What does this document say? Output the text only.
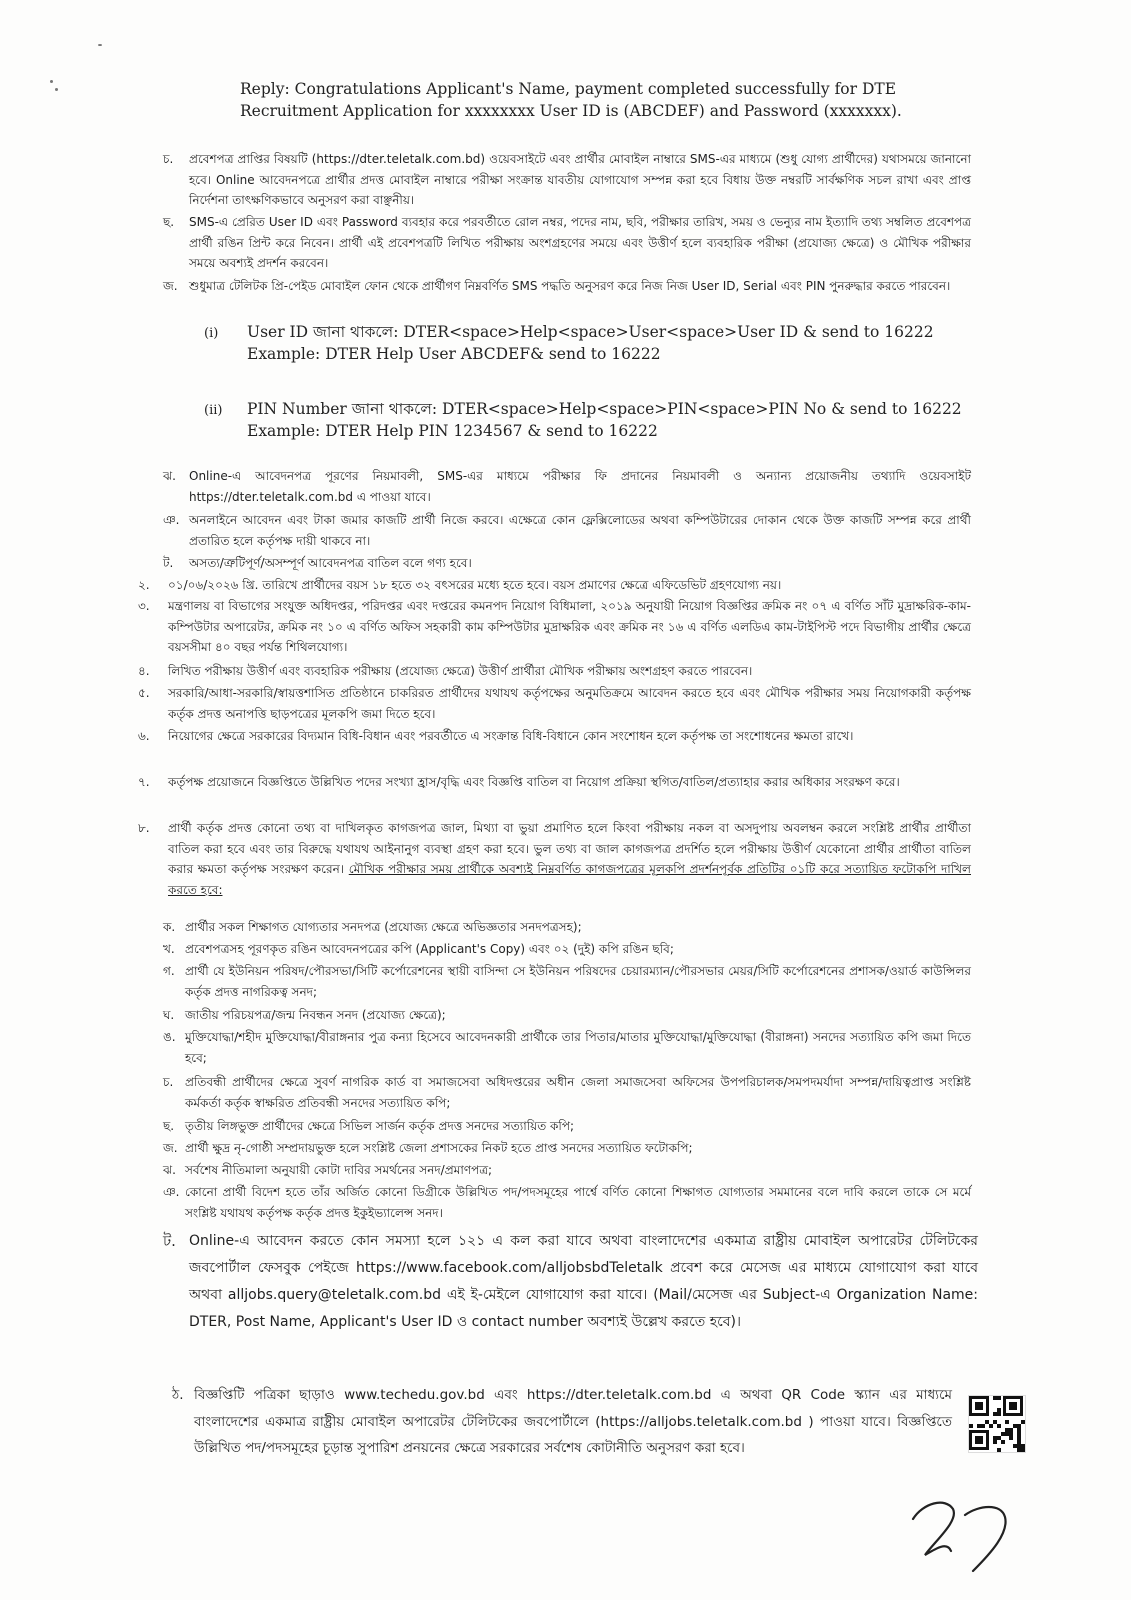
Reply: Congratulations Applicant's Name, payment completed successfully for DTE Recruitment Application for xxxxxxxx User ID is (ABCDEF) and Password (xxxxxxx).
চ.	প্রবেশপত্র প্রাপ্তির বিষয়টি (https://dter.teletalk.com.bd) ওয়েবসাইটে এবং প্রার্থীর মোবাইল নাম্বারে SMS-এর মাধ্যমে (শুধু যোগ্য প্রার্থীদের) যথাসময়ে জানানো হবে। Online আবেদনপত্রে প্রার্থীর প্রদত্ত মোবাইল নাম্বারে পরীক্ষা সংক্রান্ত যাবতীয় যোগাযোগ সম্পন্ন করা হবে বিধায় উক্ত নম্বরটি সার্বক্ষণিক সচল রাখা এবং প্রাপ্ত নির্দেশনা তাৎক্ষণিকভাবে অনুসরণ করা বাঞ্ছনীয়।
ছ.	SMS-এ প্রেরিত User ID এবং Password ব্যবহার করে পরবর্তীতে রোল নম্বর, পদের নাম, ছবি, পরীক্ষার তারিখ, সময় ও ভেন্যুর নাম ইত্যাদি তথ্য সম্বলিত প্রবেশপত্র প্রার্থী রঙিন প্রিন্ট করে নিবেন। প্রার্থী এই প্রবেশপত্রটি লিখিত পরীক্ষায় অংশগ্রহণের সময়ে এবং উত্তীর্ণ হলে ব্যবহারিক পরীক্ষা (প্রযোজ্য ক্ষেত্রে) ও মৌখিক পরীক্ষার সময়ে অবশ্যই প্রদর্শন করবেন।
জ. শুধুমাত্র টেলিটক প্রি-পেইড মোবাইল ফোন থেকে প্রার্থীগণ নিম্নবর্ণিত SMS পদ্ধতি অনুসরণ করে নিজ নিজ User ID, Serial এবং PIN পুনরুদ্ধার করতে পারবেন।
(i) User ID জানা থাকলে: DTER<space>Help<space>User<space>User ID & send to 16222
Example: DTER Help User ABCDEF& send to 16222
(ii) PIN Number জানা থাকলে: DTER<space>Help<space>PIN<space>PIN No & send to 16222
Example: DTER Help PIN 1234567 & send to 16222
ঝ.	Online-এ আবেদনপত্র পূরণের নিয়মাবলী, SMS-এর মাধ্যমে পরীক্ষার ফি প্রদানের নিয়মাবলী ও অন্যান্য প্রয়োজনীয় তথ্যাদি ওয়েবসাইট https://dter.teletalk.com.bd এ পাওয়া যাবে।
ঞ. অনলাইনে আবেদন এবং টাকা জমার কাজটি প্রার্থী নিজে করবে। এক্ষেত্রে কোন ফ্লেক্সিলোডের অথবা কম্পিউটারের দোকান থেকে উক্ত কাজটি সম্পন্ন করে প্রার্থী প্রতারিত হলে কর্তৃপক্ষ দায়ী থাকবে না।
ট.	অসত্য/ত্রুটিপূর্ণ/অসম্পূর্ণ আবেদনপত্র বাতিল বলে গণ্য হবে।
২.	০১/০৬/২০২৬ খ্রি. তারিখে প্রার্থীদের বয়স ১৮ হতে ৩২ বৎসরের মধ্যে হতে হবে। বয়স প্রমাণের ক্ষেত্রে এফিডেভিট গ্রহণযোগ্য নয়।
৩.	মন্ত্রণালয় বা বিভাগের সংযুক্ত অধিদপ্তর, পরিদপ্তর এবং দপ্তরের কমনপদ নিয়োগ বিধিমালা, ২০১৯ অনুযায়ী নিয়োগ বিজ্ঞপ্তির ক্রমিক নং ০৭ এ বর্ণিত সাঁট মুদ্রাক্ষরিক-কাম-কম্পিউটার অপারেটর, ক্রমিক নং ১০ এ বর্ণিত অফিস সহকারী কাম কম্পিউটার মুদ্রাক্ষরিক এবং ক্রমিক নং ১৬ এ বর্ণিত এলডিএ কাম-টাইপিস্ট পদে বিভাগীয় প্রার্থীর ক্ষেত্রে বয়সসীমা ৪০ বছর পর্যন্ত শিথিলযোগ্য।
৪.	লিখিত পরীক্ষায় উত্তীর্ণ এবং ব্যবহারিক পরীক্ষায় (প্রযোজ্য ক্ষেত্রে) উত্তীর্ণ প্রার্থীরা মৌখিক পরীক্ষায় অংশগ্রহণ করতে পারবেন।
৫.	সরকারি/আধা-সরকারি/স্বায়ত্তশাসিত প্রতিষ্ঠানে চাকরিরত প্রার্থীদের যথাযথ কর্তৃপক্ষের অনুমতিক্রমে আবেদন করতে হবে এবং মৌখিক পরীক্ষার সময় নিয়োগকারী কর্তৃপক্ষ কর্তৃক প্রদত্ত অনাপত্তি ছাড়পত্রের মূলকপি জমা দিতে হবে।
৬.	নিয়োগের ক্ষেত্রে সরকারের বিদ্যমান বিধি-বিধান এবং পরবর্তীতে এ সংক্রান্ত বিধি-বিধানে কোন সংশোধন হলে কর্তৃপক্ষ তা সংশোধনের ক্ষমতা রাখে।
৭.	কর্তৃপক্ষ প্রয়োজনে বিজ্ঞপ্তিতে উল্লিখিত পদের সংখ্যা হ্রাস/বৃদ্ধি এবং বিজ্ঞপ্তি বাতিল বা নিয়োগ প্রক্রিয়া স্থগিত/বাতিল/প্রত্যাহার করার অধিকার সংরক্ষণ করে।
৮.	প্রার্থী কর্তৃক প্রদত্ত কোনো তথ্য বা দাখিলকৃত কাগজপত্র জাল, মিথ্যা বা ভুয়া প্রমাণিত হলে কিংবা পরীক্ষায় নকল বা অসদুপায় অবলম্বন করলে সংশ্লিষ্ট প্রার্থীর প্রার্থীতা বাতিল করা হবে এবং তার বিরুদ্ধে যথাযথ আইনানুগ ব্যবস্থা গ্রহণ করা হবে। ভুল তথ্য বা জাল কাগজপত্র প্রদর্শিত হলে পরীক্ষায় উত্তীর্ণ যেকোনো প্রার্থীর প্রার্থীতা বাতিল করার ক্ষমতা কর্তৃপক্ষ সংরক্ষণ করেন। মৌখিক পরীক্ষার সময় প্রার্থীকে অবশ্যই নিম্নবর্ণিত কাগজপত্রের মূলকপি প্রদর্শনপূর্বক প্রতিটির ০১টি করে সত্যায়িত ফটোকপি দাখিল করতে হবে:
ক. প্রার্থীর সকল শিক্ষাগত যোগ্যতার সনদপত্র (প্রযোজ্য ক্ষেত্রে অভিজ্ঞতার সনদপত্রসহ);
খ. প্রবেশপত্রসহ পূরণকৃত রঙিন আবেদনপত্রের কপি (Applicant's Copy) এবং ০২ (দুই) কপি রঙিন ছবি;
গ. প্রার্থী যে ইউনিয়ন পরিষদ/পৌরসভা/সিটি কর্পোরেশনের স্থায়ী বাসিন্দা সে ইউনিয়ন পরিষদের চেয়ারম্যান/পৌরসভার মেয়র/সিটি কর্পোরেশনের প্রশাসক/ওয়ার্ড কাউন্সিলর কর্তৃক প্রদত্ত নাগরিকত্ব সনদ;
ঘ. জাতীয় পরিচয়পত্র/জন্ম নিবন্ধন সনদ (প্রযোজ্য ক্ষেত্রে);
ঙ. মুক্তিযোদ্ধা/শহীদ মুক্তিযোদ্ধা/বীরাঙ্গনার পুত্র কন্যা হিসেবে আবেদনকারী প্রার্থীকে তার পিতার/মাতার মুক্তিযোদ্ধা/মুক্তিযোদ্ধা (বীরাঙ্গনা) সনদের সত্যায়িত কপি জমা দিতে হবে;
চ. প্রতিবন্ধী প্রার্থীদের ক্ষেত্রে সুবর্ণ নাগরিক কার্ড বা সমাজসেবা অধিদপ্তরের অধীন জেলা সমাজসেবা অফিসের উপপরিচালক/সমপদমর্যাদা সম্পন্ন/দায়িত্বপ্রাপ্ত সংশ্লিষ্ট কর্মকর্তা কর্তৃক স্বাক্ষরিত প্রতিবন্ধী সনদের সত্যায়িত কপি;
ছ. তৃতীয় লিঙ্গভুক্ত প্রার্থীদের ক্ষেত্রে সিভিল সার্জন কর্তৃক প্রদত্ত সনদের সত্যায়িত কপি;
জ. প্রার্থী ক্ষুদ্র নৃ-গোষ্ঠী সম্প্রদায়ভুক্ত হলে সংশ্লিষ্ট জেলা প্রশাসকের নিকট হতে প্রাপ্ত সনদের সত্যায়িত ফটোকপি;
ঝ. সর্বশেষ নীতিমালা অনুযায়ী কোটা দাবির সমর্থনের সনদ/প্রমাণপত্র;
ঞ. কোনো প্রার্থী বিদেশ হতে তাঁর অর্জিত কোনো ডিগ্রীকে উল্লিখিত পদ/পদসমূহের পার্শ্বে বর্ণিত কোনো শিক্ষাগত যোগ্যতার সমমানের বলে দাবি করলে তাকে সে মর্মে সংশ্লিষ্ট যথাযথ কর্তৃপক্ষ কর্তৃক প্রদত্ত ইকুইভ্যালেন্স সনদ।
ট. Online-এ আবেদন করতে কোন সমস্যা হলে ১২১ এ কল করা যাবে অথবা বাংলাদেশের একমাত্র রাষ্ট্রীয় মোবাইল অপারেটর টেলিটকের জবপোর্টাল ফেসবুক পেইজে https://www.facebook.com/alljobsbdTeletalk প্রবেশ করে মেসেজ এর মাধ্যমে যোগাযোগ করা যাবে অথবা alljobs.query@teletalk.com.bd এই ই-মেইলে যোগাযোগ করা যাবে। (Mail/মেসেজ এর Subject-এ Organization Name: DTER, Post Name, Applicant's User ID ও contact number অবশ্যই উল্লেখ করতে হবে)।
ঠ. বিজ্ঞপ্তিটি পত্রিকা ছাড়াও www.techedu.gov.bd এবং https://dter.teletalk.com.bd এ অথবা QR Code স্ক্যান এর মাধ্যমে বাংলাদেশের একমাত্র রাষ্ট্রীয় মোবাইল অপারেটর টেলিটকের জবপোর্টালে (https://alljobs.teletalk.com.bd ) পাওয়া যাবে। বিজ্ঞপ্তিতে উল্লিখিত পদ/পদসমূহের চূড়ান্ত সুপারিশ প্রনয়নের ক্ষেত্রে সরকারের সর্বশেষ কোটানীতি অনুসরণ করা হবে।
